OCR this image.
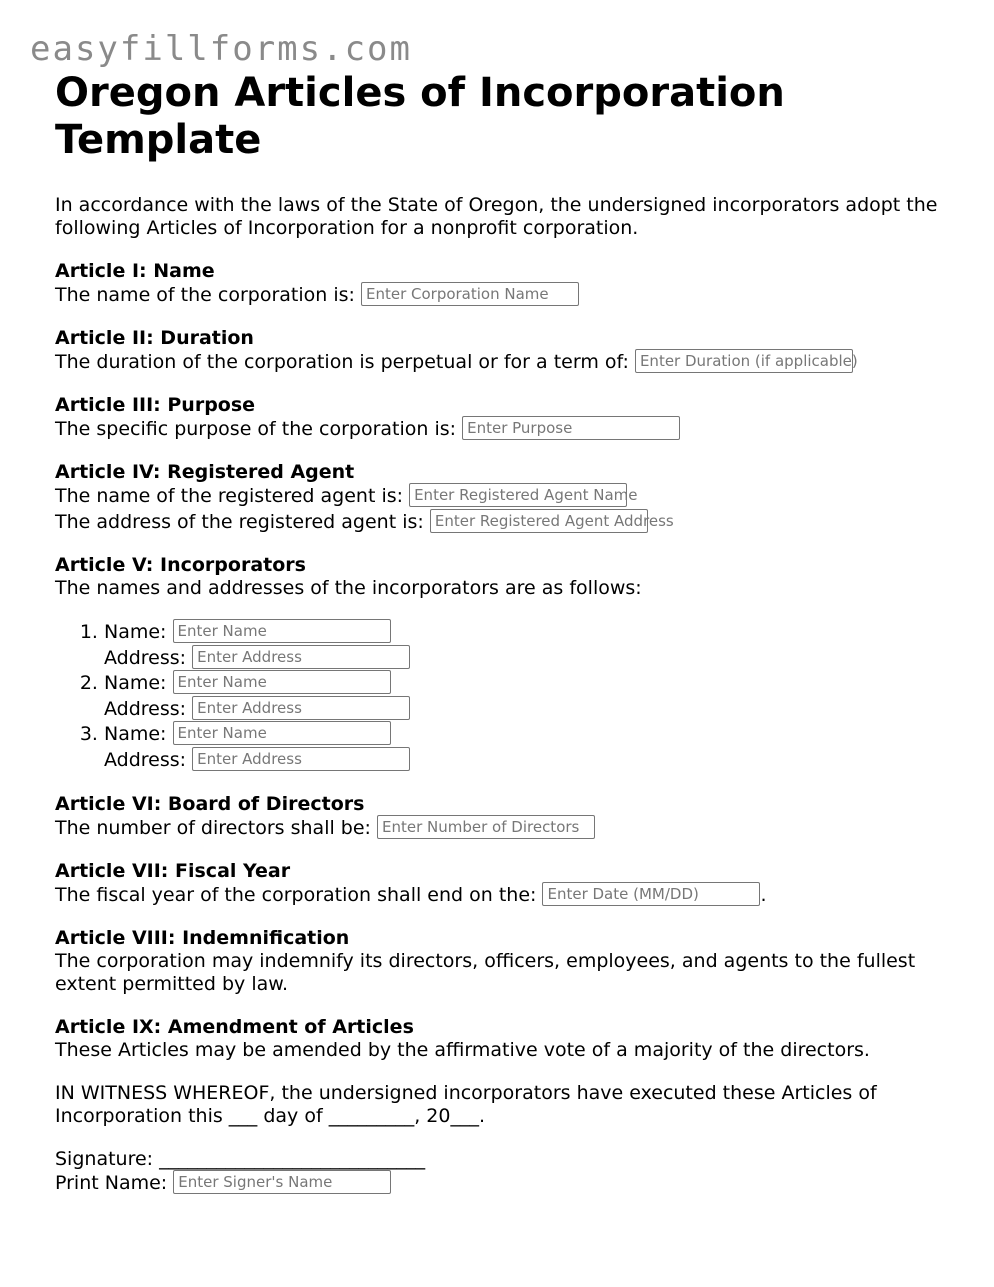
easyfillforms.com
Oregon Articles of Incorporation Template

In accordance with the laws of the State of Oregon, the undersigned incorporators adopt the following Articles of Incorporation for a nonprofit corporation.

Article I: Name
The name of the corporation is: Enter Corporation Name
Article II: Duration
The duration of the corporation is perpetual or for a term of: Enter Duration (if applicable)
Article III: Purpose
The specific purpose of the corporation is: Enter Purpose
Article IV: Registered Agent
The name of the registered agent is: Enter Registered Agent Name
The address of the registered agent is: Enter Registered Agent Address
Article V: Incorporators

The names and addresses of the incorporators are as follows:

1. Name: Enter Name
Address: Enter Address
2. Name: Enter Name
Address: Enter Address
3. Name: Enter Name
Address: Enter Address
Article VI: Board of Directors
The number of directors shall be: Enter Number of Directors
Article VII: Fiscal Year
The fiscal year of the corporation shall end on the: Enter Date (MM/DD)	.
Article VIII: Indemnification

The corporation may indemnify its directors, officers, employees, and agents to the fullest extent permitted by law.

Article IX: Amendment of Articles

These Articles may be amended by the affirmative vote of a majority of the directors.

IN WITNESS WHEREOF, the undersigned incorporators have executed these Articles of Incorporation this ___ day of _________, 20___.

Signature: ____________________________
Print Name: Enter Signer's Name
